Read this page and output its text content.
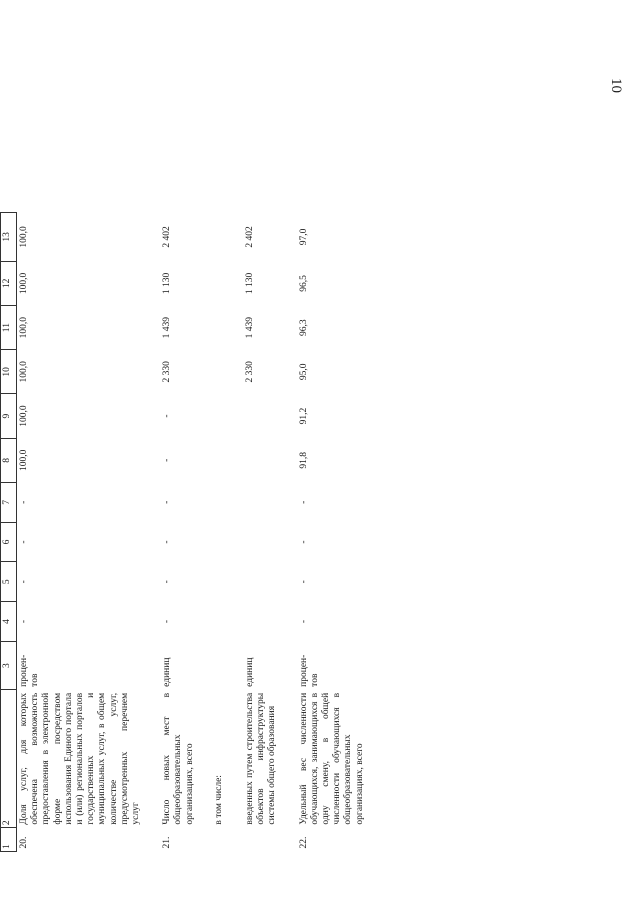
10
1	2	3	4	5	6	7	8	9	10	11	12	13
20.	Доля услуг, для которых обеспечена возможность предоставления в электронной форме посредством использования Единого портала и (или) региональных порталов государственных и муниципальных услуг, в общем количестве услуг, предусмотренных перечнем услуг	процен-тов	-	-	-	-	100,0	100,0	100,0	100,0	100,0	100,0

21.	Число новых мест в общеобразовательных организациях, всего	единиц	-	-	-	-	-	-	2 330	1 439	1 130	2 402

	в том числе:											

	введенных путем строительства объектов инфраструктуры системы общего образования	единиц							2 330	1 439	1 130	2 402

22.	Удельный вес численности обучающихся, занимающихся в одну смену, в общей численности обучающихся в общеобразовательных организациях, всего	процен-тов	-	-	-	-	91,8	91,2	95,0	96,3	96,5	97,0
